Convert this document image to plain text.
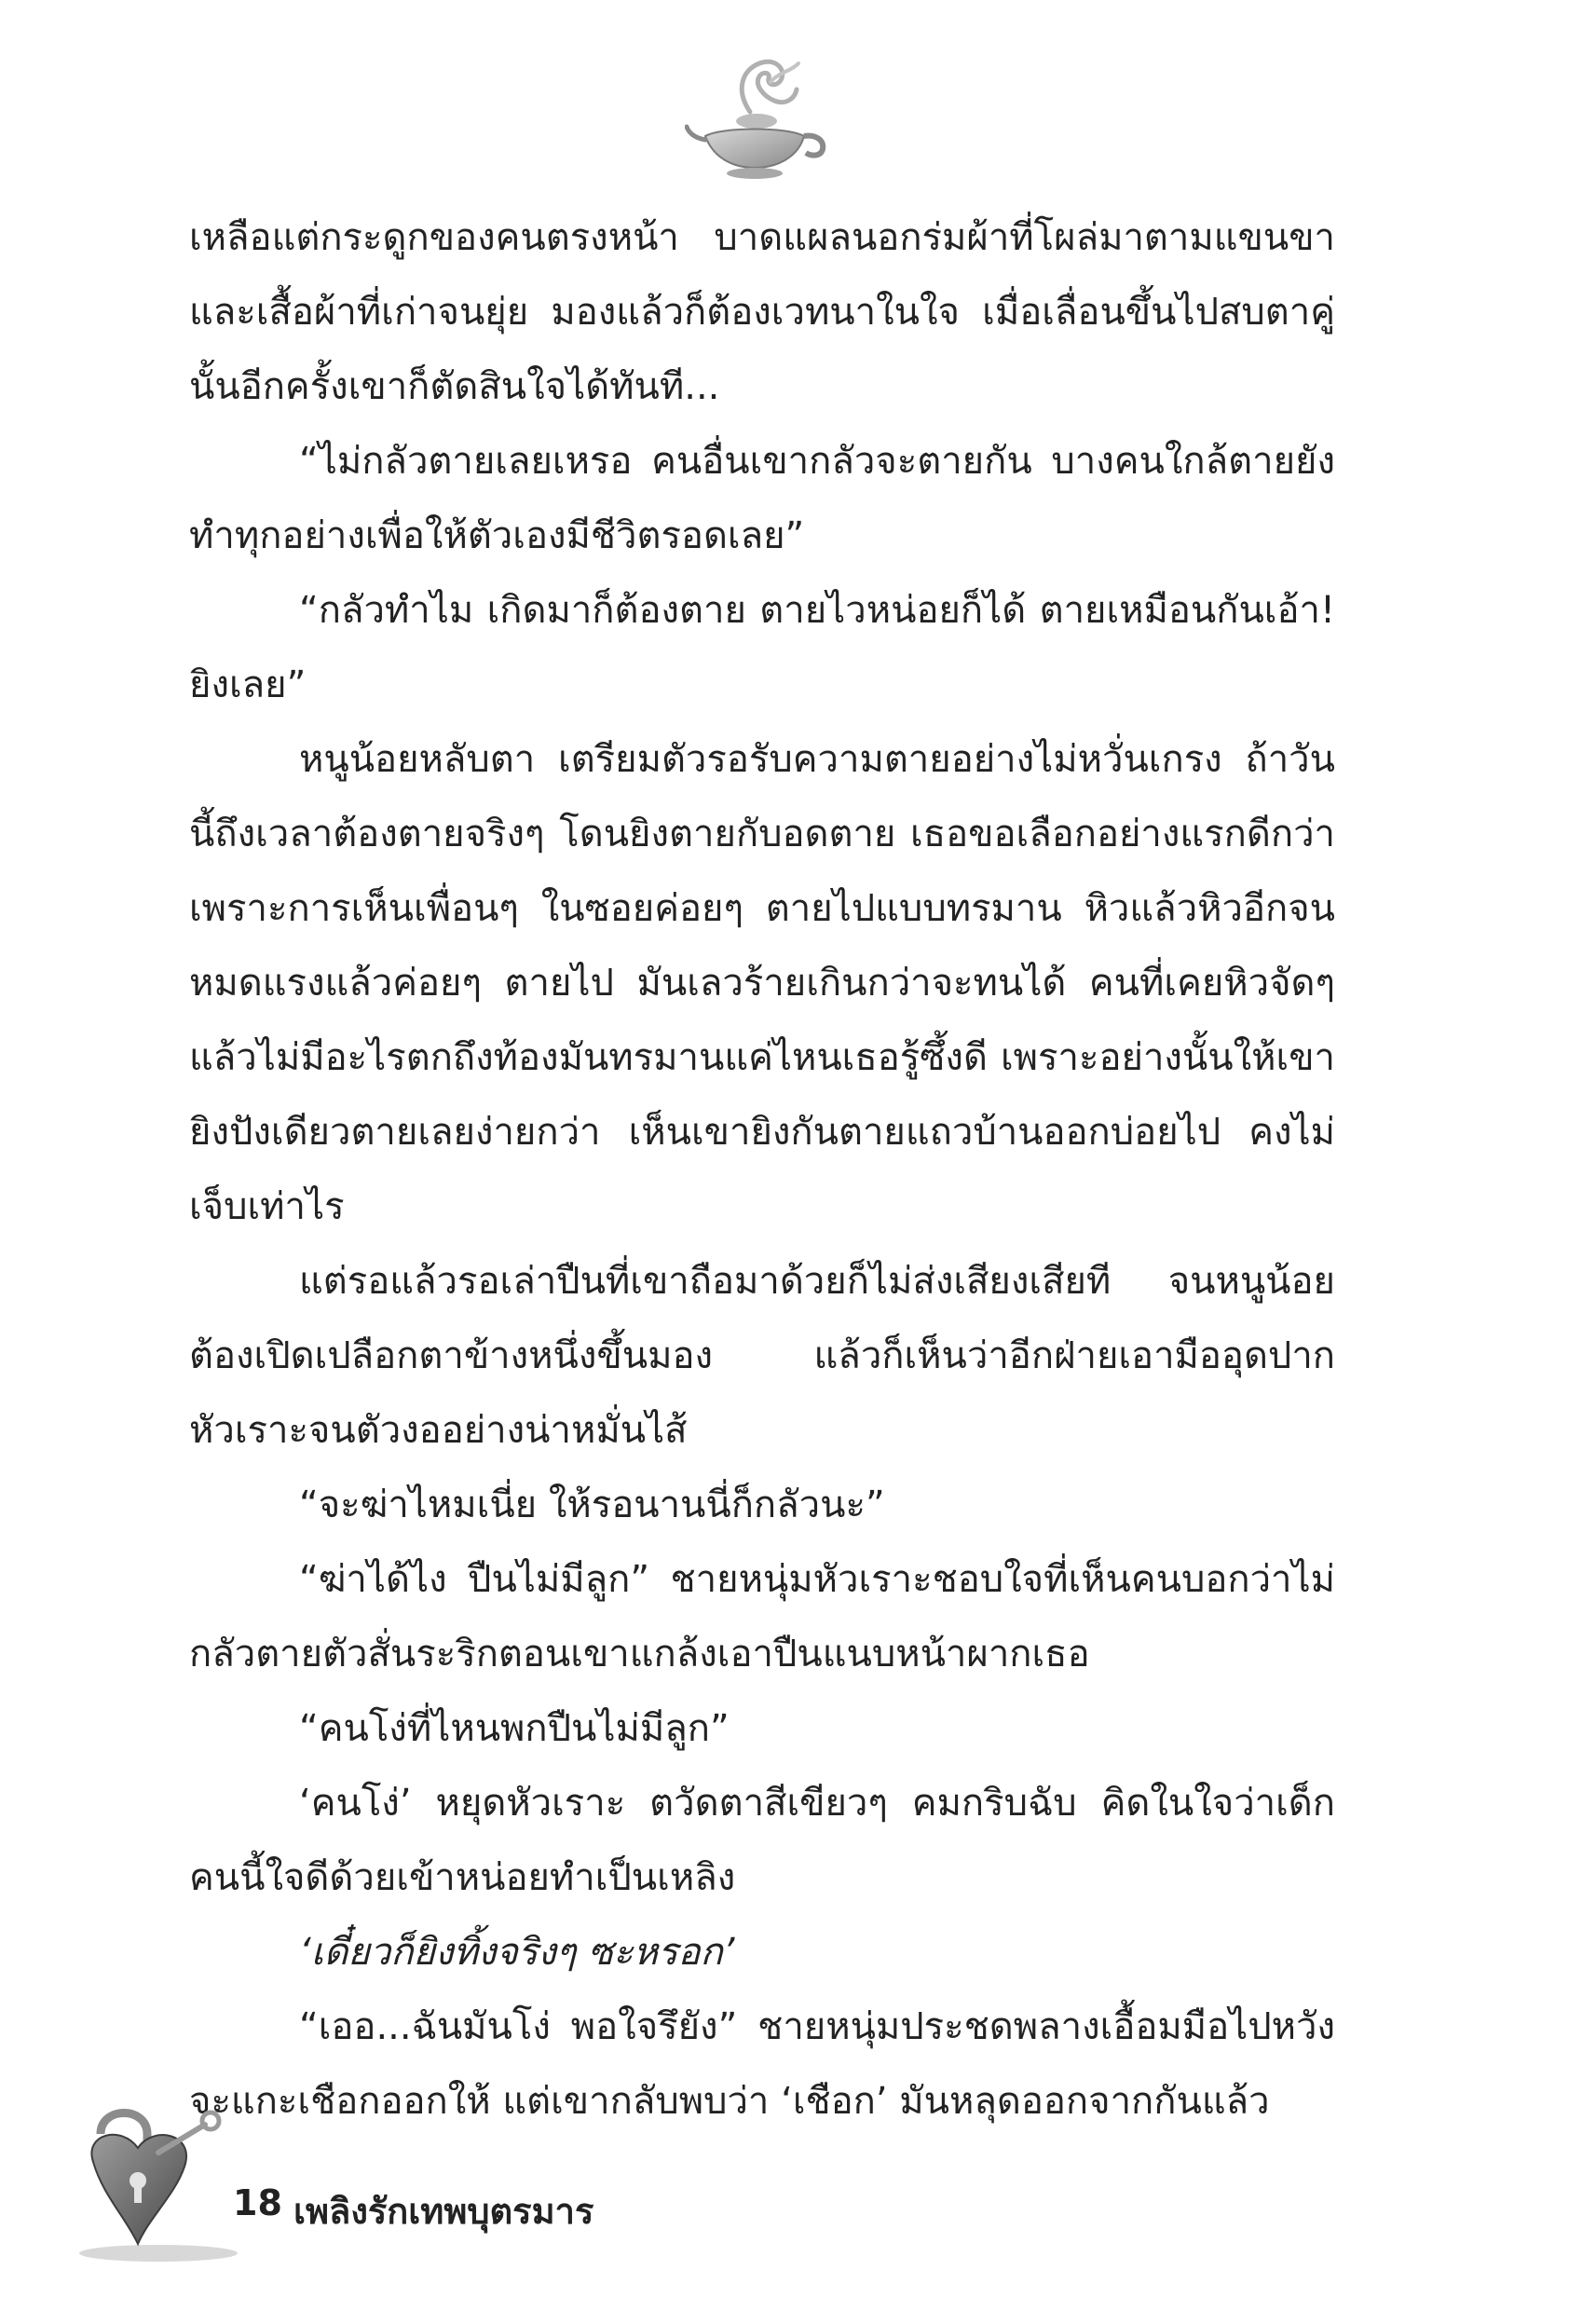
เหลือแต่กระดูกของคนตรงหน้า บาดแผลนอกร่มผ้าที่โผล่มาตามแขนขาและเสื้อผ้าที่เก่าจนยุ่ย มองแล้วก็ต้องเวทนาในใจ เมื่อเลื่อนขึ้นไปสบตาคู่นั้นอีกครั้งเขาก็ตัดสินใจได้ทันที...

“ไม่กลัวตายเลยเหรอ คนอื่นเขากลัวจะตายกัน บางคนใกล้ตายยังทำทุกอย่างเพื่อให้ตัวเองมีชีวิตรอดเลย”

“กลัวทำไม เกิดมาก็ต้องตาย ตายไวหน่อยก็ได้ ตายเหมือนกันเอ้า! ยิงเลย”

หนูน้อยหลับตา เตรียมตัวรอรับความตายอย่างไม่หวั่นเกรง ถ้าวันนี้ถึงเวลาต้องตายจริงๆ โดนยิงตายกับอดตาย เธอขอเลือกอย่างแรกดีกว่า เพราะการเห็นเพื่อนๆ ในซอยค่อยๆ ตายไปแบบทรมาน หิวแล้วหิวอีกจนหมดแรงแล้วค่อยๆ ตายไป มันเลวร้ายเกินกว่าจะทนได้ คนที่เคยหิวจัดๆ แล้วไม่มีอะไรตกถึงท้องมันทรมานแค่ไหนเธอรู้ซึ้งดี เพราะอย่างนั้นให้เขายิงปังเดียวตายเลยง่ายกว่า เห็นเขายิงกันตายแถวบ้านออกบ่อยไป คงไม่เจ็บเท่าไร

แต่รอแล้วรอเล่าปืนที่เขาถือมาด้วยก็ไม่ส่งเสียงเสียที จนหนูน้อยต้องเปิดเปลือกตาข้างหนึ่งขึ้นมอง แล้วก็เห็นว่าอีกฝ่ายเอามืออุดปากหัวเราะจนตัวงออย่างน่าหมั่นไส้

“จะฆ่าไหมเนี่ย ให้รอนานนี่ก็กลัวนะ”

“ฆ่าได้ไง ปืนไม่มีลูก” ชายหนุ่มหัวเราะชอบใจที่เห็นคนบอกว่าไม่กลัวตายตัวสั่นระริกตอนเขาแกล้งเอาปืนแนบหน้าผากเธอ

“คนโง่ที่ไหนพกปืนไม่มีลูก”

‘คนโง่’ หยุดหัวเราะ ตวัดตาสีเขียวๆ คมกริบฉับ คิดในใจว่าเด็กคนนี้ใจดีด้วยเข้าหน่อยทำเป็นเหลิง

‘เดี๋ยวก็ยิงทิ้งจริงๆ ซะหรอก’

“เออ...ฉันมันโง่ พอใจรึยัง” ชายหนุ่มประชดพลางเอื้อมมือไปหวังจะแกะเชือกออกให้ แต่เขากลับพบว่า ‘เชือก’ มันหลุดออกจากกันแล้ว

18 เพลิงรักเทพบุตรมาร
